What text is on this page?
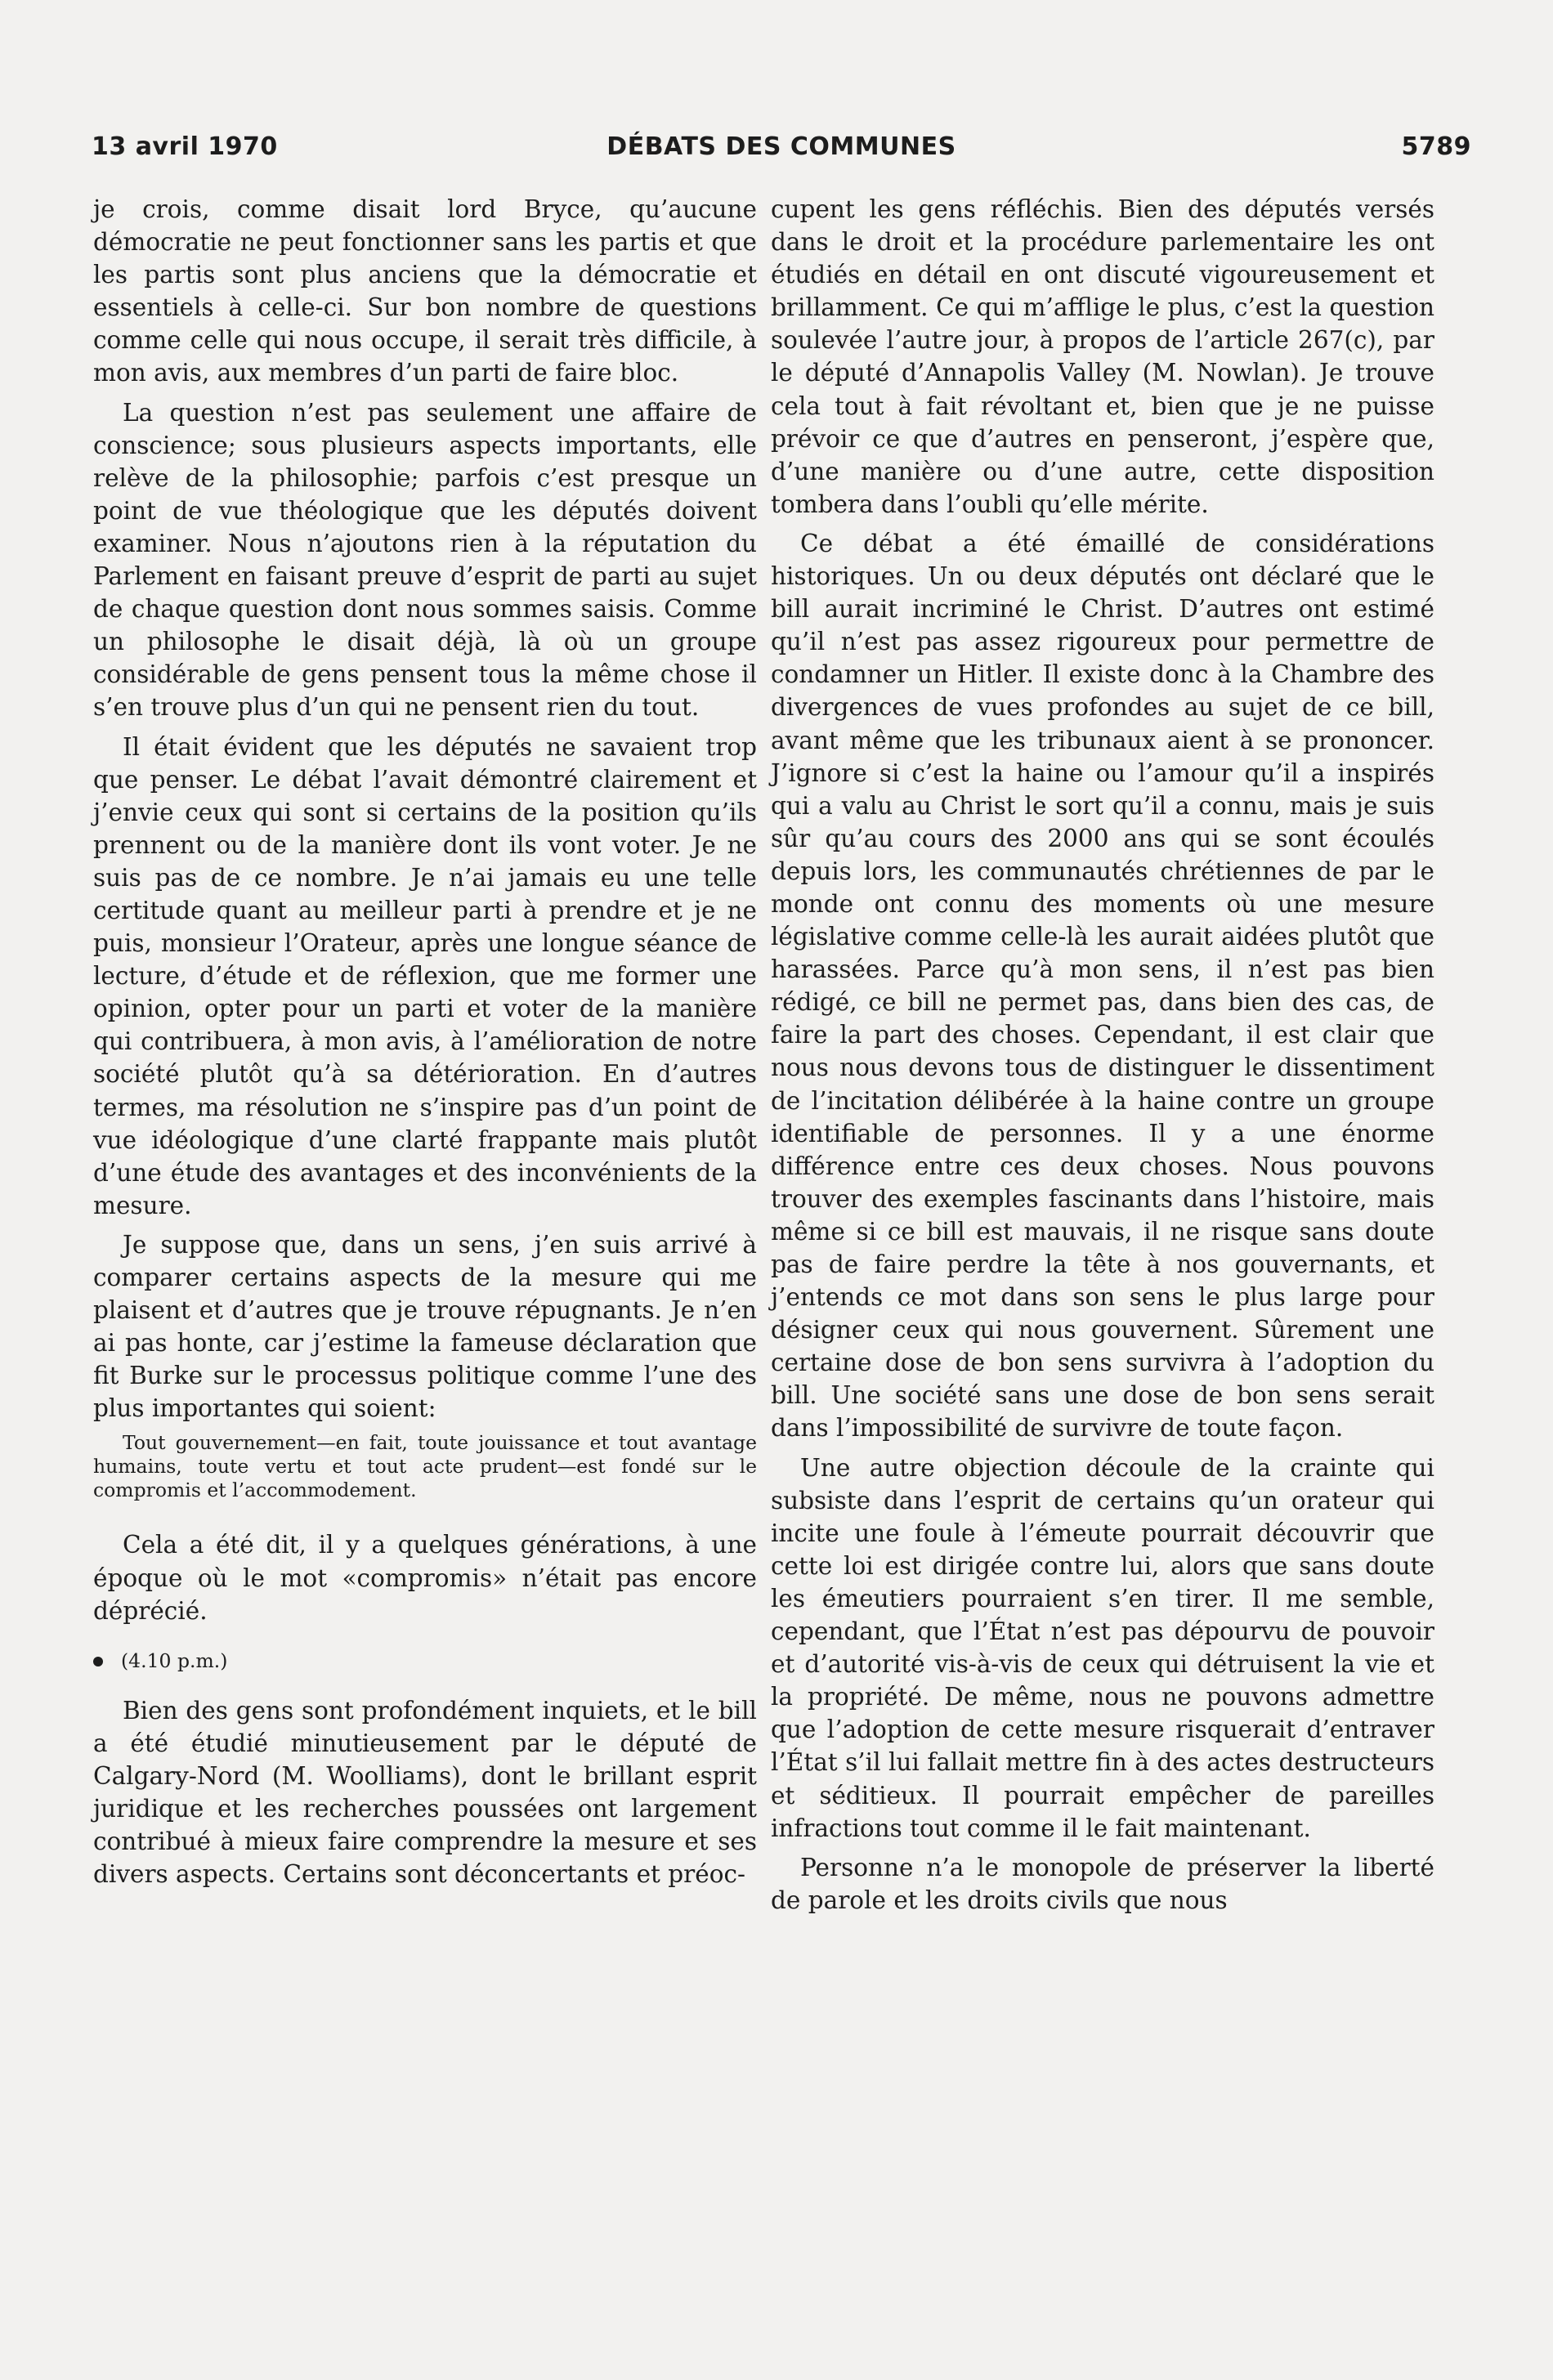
13 avril 1970	DÉBATS DES COMMUNES	5789

je crois, comme disait lord Bryce, qu’aucune démocratie ne peut fonctionner sans les partis et que les partis sont plus anciens que la démocratie et essentiels à celle-ci. Sur bon nombre de questions comme celle qui nous occupe, il serait très difficile, à mon avis, aux membres d’un parti de faire bloc.

La question n’est pas seulement une affaire de conscience; sous plusieurs aspects importants, elle relève de la philosophie; parfois c’est presque un point de vue théologique que les députés doivent examiner. Nous n’ajoutons rien à la réputation du Parlement en faisant preuve d’esprit de parti au sujet de chaque question dont nous sommes saisis. Comme un philosophe le disait déjà, là où un groupe considérable de gens pensent tous la même chose il s’en trouve plus d’un qui ne pensent rien du tout.

Il était évident que les députés ne savaient trop que penser. Le débat l’avait démontré clairement et j’envie ceux qui sont si certains de la position qu’ils prennent ou de la manière dont ils vont voter. Je ne suis pas de ce nombre. Je n’ai jamais eu une telle certitude quant au meilleur parti à prendre et je ne puis, monsieur l’Orateur, après une longue séance de lecture, d’étude et de réflexion, que me former une opinion, opter pour un parti et voter de la manière qui contribuera, à mon avis, à l’amélioration de notre société plutôt qu’à sa détérioration. En d’autres termes, ma résolution ne s’inspire pas d’un point de vue idéologique d’une clarté frappante mais plutôt d’une étude des avantages et des inconvénients de la mesure.

Je suppose que, dans un sens, j’en suis arrivé à comparer certains aspects de la mesure qui me plaisent et d’autres que je trouve répugnants. Je n’en ai pas honte, car j’estime la fameuse déclaration que fit Burke sur le processus politique comme l’une des plus importantes qui soient:

Tout gouvernement—en fait, toute jouissance et tout avantage humains, toute vertu et tout acte prudent—est fondé sur le compromis et l’accommodement.

Cela a été dit, il y a quelques générations, à une époque où le mot «compromis» n’était pas encore déprécié.

(4.10 p.m.)

Bien des gens sont profondément inquiets, et le bill a été étudié minutieusement par le député de Calgary-Nord (M. Woolliams), dont le brillant esprit juridique et les recherches poussées ont largement contribué à mieux faire comprendre la mesure et ses divers aspects. Certains sont déconcertants et préoc-

cupent les gens réfléchis. Bien des députés versés dans le droit et la procédure parlementaire les ont étudiés en détail en ont discuté vigoureusement et brillamment. Ce qui m’afflige le plus, c’est la question soulevée l’autre jour, à propos de l’article 267(c), par le député d’Annapolis Valley (M. Nowlan). Je trouve cela tout à fait révoltant et, bien que je ne puisse prévoir ce que d’autres en penseront, j’espère que, d’une manière ou d’une autre, cette disposition tombera dans l’oubli qu’elle mérite.

Ce débat a été émaillé de considérations historiques. Un ou deux députés ont déclaré que le bill aurait incriminé le Christ. D’autres ont estimé qu’il n’est pas assez rigoureux pour permettre de condamner un Hitler. Il existe donc à la Chambre des divergences de vues profondes au sujet de ce bill, avant même que les tribunaux aient à se prononcer. J’ignore si c’est la haine ou l’amour qu’il a inspirés qui a valu au Christ le sort qu’il a connu, mais je suis sûr qu’au cours des 2000 ans qui se sont écoulés depuis lors, les communautés chrétiennes de par le monde ont connu des moments où une mesure législative comme celle-là les aurait aidées plutôt que harassées. Parce qu’à mon sens, il n’est pas bien rédigé, ce bill ne permet pas, dans bien des cas, de faire la part des choses. Cependant, il est clair que nous nous devons tous de distinguer le dissentiment de l’incitation délibérée à la haine contre un groupe identifiable de personnes. Il y a une énorme différence entre ces deux choses. Nous pouvons trouver des exemples fascinants dans l’histoire, mais même si ce bill est mauvais, il ne risque sans doute pas de faire perdre la tête à nos gouvernants, et j’entends ce mot dans son sens le plus large pour désigner ceux qui nous gouvernent. Sûrement une certaine dose de bon sens survivra à l’adoption du bill. Une société sans une dose de bon sens serait dans l’impossibilité de survivre de toute façon.

Une autre objection découle de la crainte qui subsiste dans l’esprit de certains qu’un orateur qui incite une foule à l’émeute pourrait découvrir que cette loi est dirigée contre lui, alors que sans doute les émeutiers pourraient s’en tirer. Il me semble, cependant, que l’État n’est pas dépourvu de pouvoir et d’autorité vis-à-vis de ceux qui détruisent la vie et la propriété. De même, nous ne pouvons admettre que l’adoption de cette mesure risquerait d’entraver l’État s’il lui fallait mettre fin à des actes destructeurs et séditieux. Il pourrait empêcher de pareilles infractions tout comme il le fait maintenant.

Personne n’a le monopole de préserver la liberté de parole et les droits civils que nous
